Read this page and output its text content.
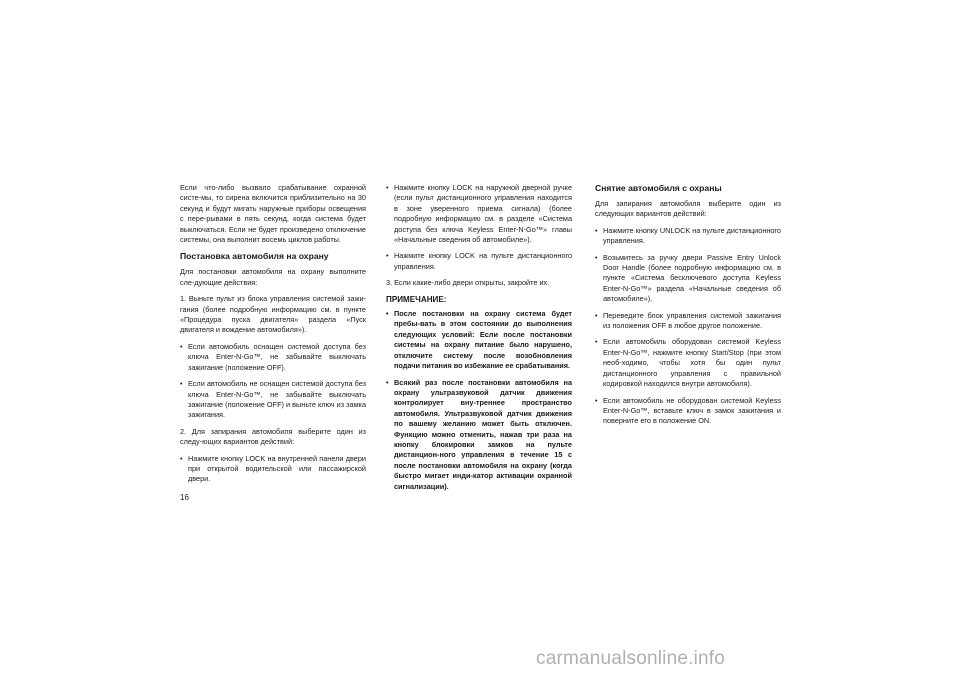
Если что-либо вызвало срабатывание охранной систе-мы, то сирена включится приблизительно на 30 секунд и будут мигать наружные приборы освещения с пере-рывами в пять секунд, когда система будет выключаться. Если не будет произведено отключение системы, она выполнит восемь циклов работы.

Постановка автомобиля на охрану

Для постановки автомобиля на охрану выполните сле-дующие действия:

1. Выньте пульт из блока управления системой зажи-гания (более подробную информацию см. в пункте «Процедура пуска двигателя» раздела «Пуск двигателя и вождение автомобиля»).

• Если автомобиль оснащен системой доступа без ключа Enter-N-Go™, не забывайте выключать зажигание (положение OFF).

• Если автомобиль не оснащен системой доступа без ключа Enter-N-Go™, не забывайте выключать зажигание (положение OFF) и выньте ключ из замка зажигания.

2. Для запирания автомобиля выберите один из следу-ющих вариантов действий:

• Нажмите кнопку LOCK на внутренней панели двери при открытой водительской или пассажирской двери.

• Нажмите кнопку LOCK на наружной дверной ручке (если пульт дистанционного управления находится в зоне уверенного приема сигнала) (более подробную информацию см. в разделе «Система доступа без ключа Keyless Enter-N-Go™» главы «Начальные сведения об автомобиле»).

• Нажмите кнопку LOCK на пульте дистанционного управления.

3. Если какие-либо двери открыты, закройте их.

ПРИМЕЧАНИЕ:

• После постановки на охрану система будет пребы-вать в этом состоянии до выполнения следующих условий: Если после постановки системы на охрану питание было нарушено, отключите систему после возобновления подачи питания во избежание ее срабатывания.

• Всякий раз после постановки автомобиля на охрану ультразвуковой датчик движения контролирует вну-треннее пространство автомобиля. Ультразвуковой датчик движения по вашему желанию может быть отключен. Функцию можно отменить, нажав три раза на кнопку блокировки замков на пульте дистанцион-ного управления в течение 15 с после постановки автомобиля на охрану (когда быстро мигает инди-катор активации охранной сигнализации).

Снятие автомобиля с охраны

Для запирания автомобиля выберите один из следующих вариантов действий:

• Нажмите кнопку UNLOCK на пульте дистанционного управления.

• Возьмитесь за ручку двери Passive Entry Unlock Door Handle (более подробную информацию см. в пункте «Система бесключевого доступа Keyless Enter-N-Go™» раздела «Начальные сведения об автомобиле»).

• Переведите блок управления системой зажигания из положения OFF в любое другое положение.

• Если автомобиль оборудован системой Keyless Enter-N-Go™, нажмите кнопку Start/Stop (при этом необ-ходимо, чтобы хотя бы один пульт дистанционного управления с правильной кодировкой находился внутри автомобиля).

• Если автомобиль не оборудован системой Keyless Enter-N-Go™, вставьте ключ в замок зажигания и поверните его в положение ON.

16
carmanualsonline.info
